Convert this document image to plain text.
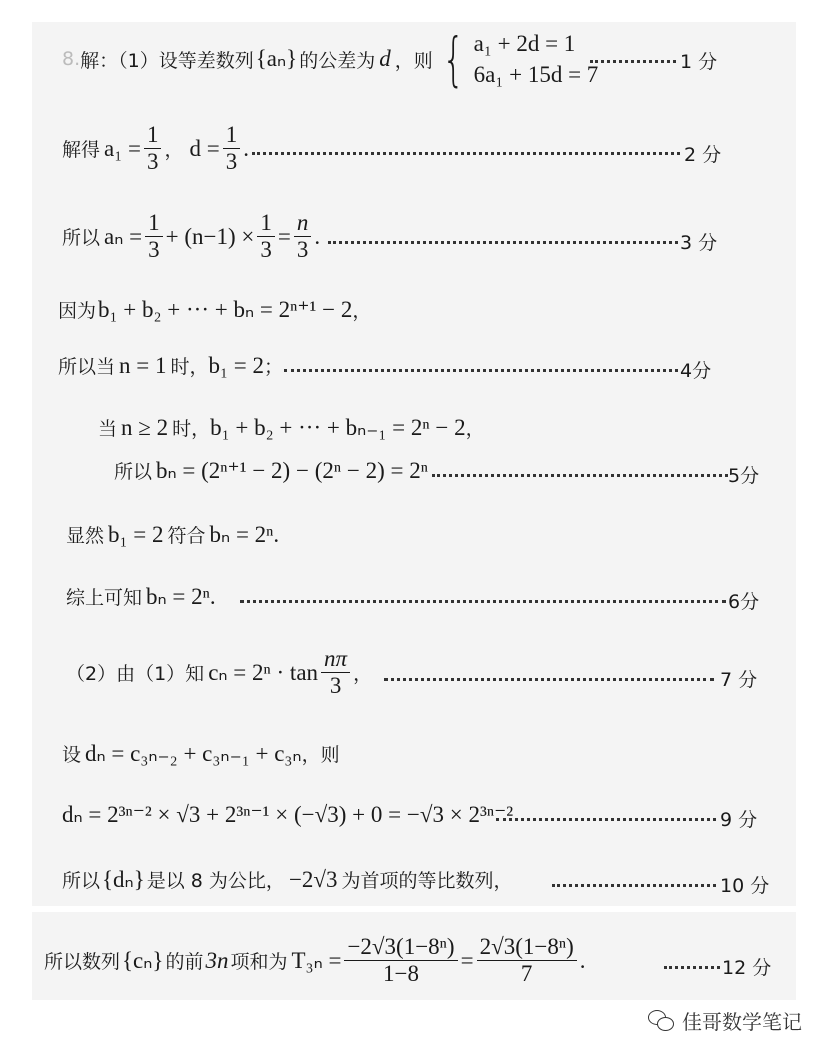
8. 解：（1）设等差数列 {aₙ} 的公差为 d ，则 { a₁ + 2d = 1
6a₁ + 15d = 7
1 分
解得 $a_1 = \frac{1}{3}$ ， $d = \frac{1}{3}$ .	2 分
所以 $a_n = \frac{1}{3} + (n-1) \times \frac{1}{3} = \frac{n}{3}$ .	3 分
因为 b₁ + b₂ + ··· + bₙ = 2ⁿ⁺¹ − 2 ，
所以当 n = 1 时， b₁ = 2 ；	4分
当 n ≥ 2 时， b₁ + b₂ + ··· + bₙ₋₁ = 2ⁿ − 2 ，
所以 bₙ = (2ⁿ⁺¹ − 2) − (2ⁿ − 2) = 2ⁿ	5分
显然 b₁ = 2 符合 bₙ = 2ⁿ .
综上可知 bₙ = 2ⁿ .	6分
（2）由（1）知 $c_n = 2^n \cdot \tan \frac{n\pi}{3}$ ，	7 分
设 dₙ = c₃ₙ₋₂ + c₃ₙ₋₁ + c₃ₙ ，则
dₙ = 2³ⁿ⁻² × √3 + 2³ⁿ⁻¹ × (−√3) + 0 = −√3 × 2³ⁿ⁻²	9 分
所以 {dₙ} 是以 8 为公比， −2√3 为首项的等比数列，	10 分
所以数列 {cₙ} 的前 3n 项和为 $T_{3n} = \frac{\text{−2√3(1−8ⁿ)}}{1-8} = \frac{\text{2√3(1−8ⁿ)}}{7}$ .	12 分
佳哥数学笔记
